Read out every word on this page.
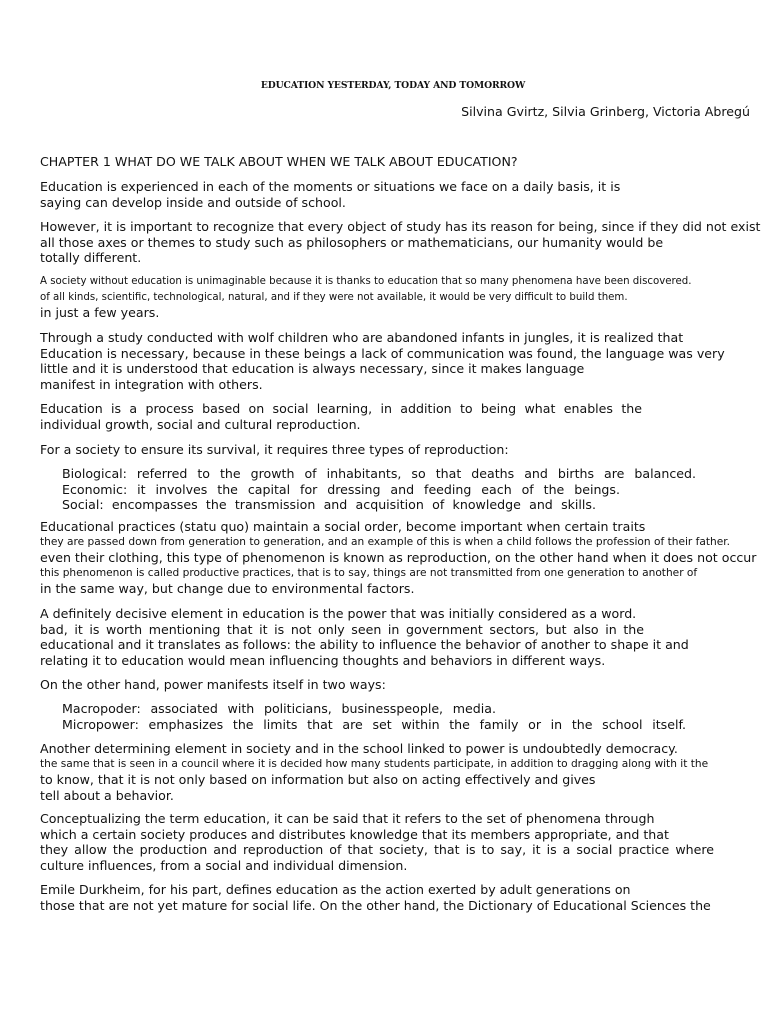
EDUCATION YESTERDAY, TODAY AND TOMORROW
Silvina Gvirtz, Silvia Grinberg, Victoria Abregú
CHAPTER 1 WHAT DO WE TALK ABOUT WHEN WE TALK ABOUT EDUCATION?
Education is experienced in each of the moments or situations we face on a daily basis, it is
saying can develop inside and outside of school.
However, it is important to recognize that every object of study has its reason for being, since if they did not exist
all those axes or themes to study such as philosophers or mathematicians, our humanity would be
totally different.
A society without education is unimaginable because it is thanks to education that so many phenomena have been discovered.
of all kinds, scientific, technological, natural, and if they were not available, it would be very difficult to build them.
in just a few years.
Through a study conducted with wolf children who are abandoned infants in jungles, it is realized that
Education is necessary, because in these beings a lack of communication was found, the language was very
little and it is understood that education is always necessary, since it makes language
manifest in integration with others.
Education is a process based on social learning, in addition to being what enables the
individual growth, social and cultural reproduction.
For a society to ensure its survival, it requires three types of reproduction:
Biological: referred to the growth of inhabitants, so that deaths and births are balanced.
Economic: it involves the capital for dressing and feeding each of the beings.
Social: encompasses the transmission and acquisition of knowledge and skills.
Educational practices (statu quo) maintain a social order, become important when certain traits
they are passed down from generation to generation, and an example of this is when a child follows the profession of their father.
even their clothing, this type of phenomenon is known as reproduction, on the other hand when it does not occur
this phenomenon is called productive practices, that is to say, things are not transmitted from one generation to another of
in the same way, but change due to environmental factors.
A definitely decisive element in education is the power that was initially considered as a word.
bad, it is worth mentioning that it is not only seen in government sectors, but also in the
educational and it translates as follows: the ability to influence the behavior of another to shape it and
relating it to education would mean influencing thoughts and behaviors in different ways.
On the other hand, power manifests itself in two ways:
Macropoder: associated with politicians, businesspeople, media.
Micropower: emphasizes the limits that are set within the family or in the school itself.
Another determining element in society and in the school linked to power is undoubtedly democracy.
the same that is seen in a council where it is decided how many students participate, in addition to dragging along with it the
to know, that it is not only based on information but also on acting effectively and gives
tell about a behavior.
Conceptualizing the term education, it can be said that it refers to the set of phenomena through
which a certain society produces and distributes knowledge that its members appropriate, and that
they allow the production and reproduction of that society, that is to say, it is a social practice where
culture influences, from a social and individual dimension.
Emile Durkheim, for his part, defines education as the action exerted by adult generations on
those that are not yet mature for social life. On the other hand, the Dictionary of Educational Sciences the
